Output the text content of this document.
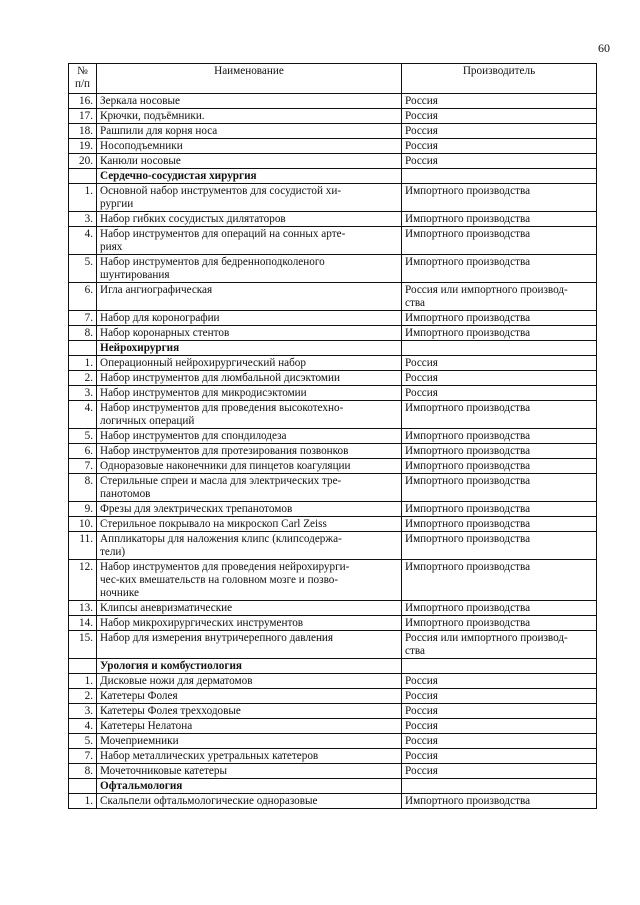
60
№
п/п	Наименование	Производитель
16.	Зеркала носовые	Россия

17.	Крючки, подъёмники.	Россия

18.	Рашпили для корня носа	Россия

19.	Носоподъемники	Россия

20.	Канюли носовые	Россия

	Сердечно-сосудистая хирургия	

1.	Основной набор инструментов для сосудистой хи-
рургии	Импортного производства

3.	Набор гибких сосудистых дилятаторов	Импортного производства

4.	Набор инструментов для операций на сонных арте-
риях	Импортного производства

5.	Набор инструментов для бедренноподколеного
шунтирования	Импортного производства

6.	Игла ангиографическая	Россия или импортного производ-
ства

7.	Набор для коронографии	Импортного производства

8.	Набор коронарных стентов	Импортного производства

	Нейрохирургия	

1.	Операционный нейрохирургический набор	Россия

2.	Набор инструментов для люмбальной дисэктомии	Россия

3.	Набор инструментов для микродисэктомии	Россия

4.	Набор инструментов для проведения высокотехно-
логичных операций	Импортного производства

5.	Набор инструментов для спондилодеза	Импортного производства

6.	Набор инструментов для протезирования позвонков	Импортного производства

7.	Одноразовые наконечники для пинцетов коагуляции	Импортного производства

8.	Стерильные спреи и масла для электрических тре-
панотомов	Импортного производства

9.	Фрезы для электрических трепанотомов	Импортного производства

10.	Стерильное покрывало на микроскоп Carl Zeiss	Импортного производства

11.	Аппликаторы для наложения клипс (клипсодержа-
тели)	Импортного производства

12.	Набор инструментов для проведения нейрохирурги-
чес-ких вмешательств на головном мозге и позво-
ночнике	Импортного производства

13.	Клипсы аневризматические	Импортного производства

14.	Набор микрохирургических инструментов	Импортного производства

15.	Набор для измерения внутричерепного давления	Россия или импортного производ-
ства

	Урология и комбустиология	

1.	Дисковые ножи для дерматомов	Россия

2.	Катетеры Фолея	Россия

3.	Катетеры Фолея трехходовые	Россия

4.	Катетеры Нелатона	Россия

5.	Мочеприемники	Россия

7.	Набор металлических уретральных катетеров	Россия

8.	Мочеточниковые катетеры	Россия

	Офтальмология	

1.	Скальпели офтальмологические одноразовые	Импортного производства
